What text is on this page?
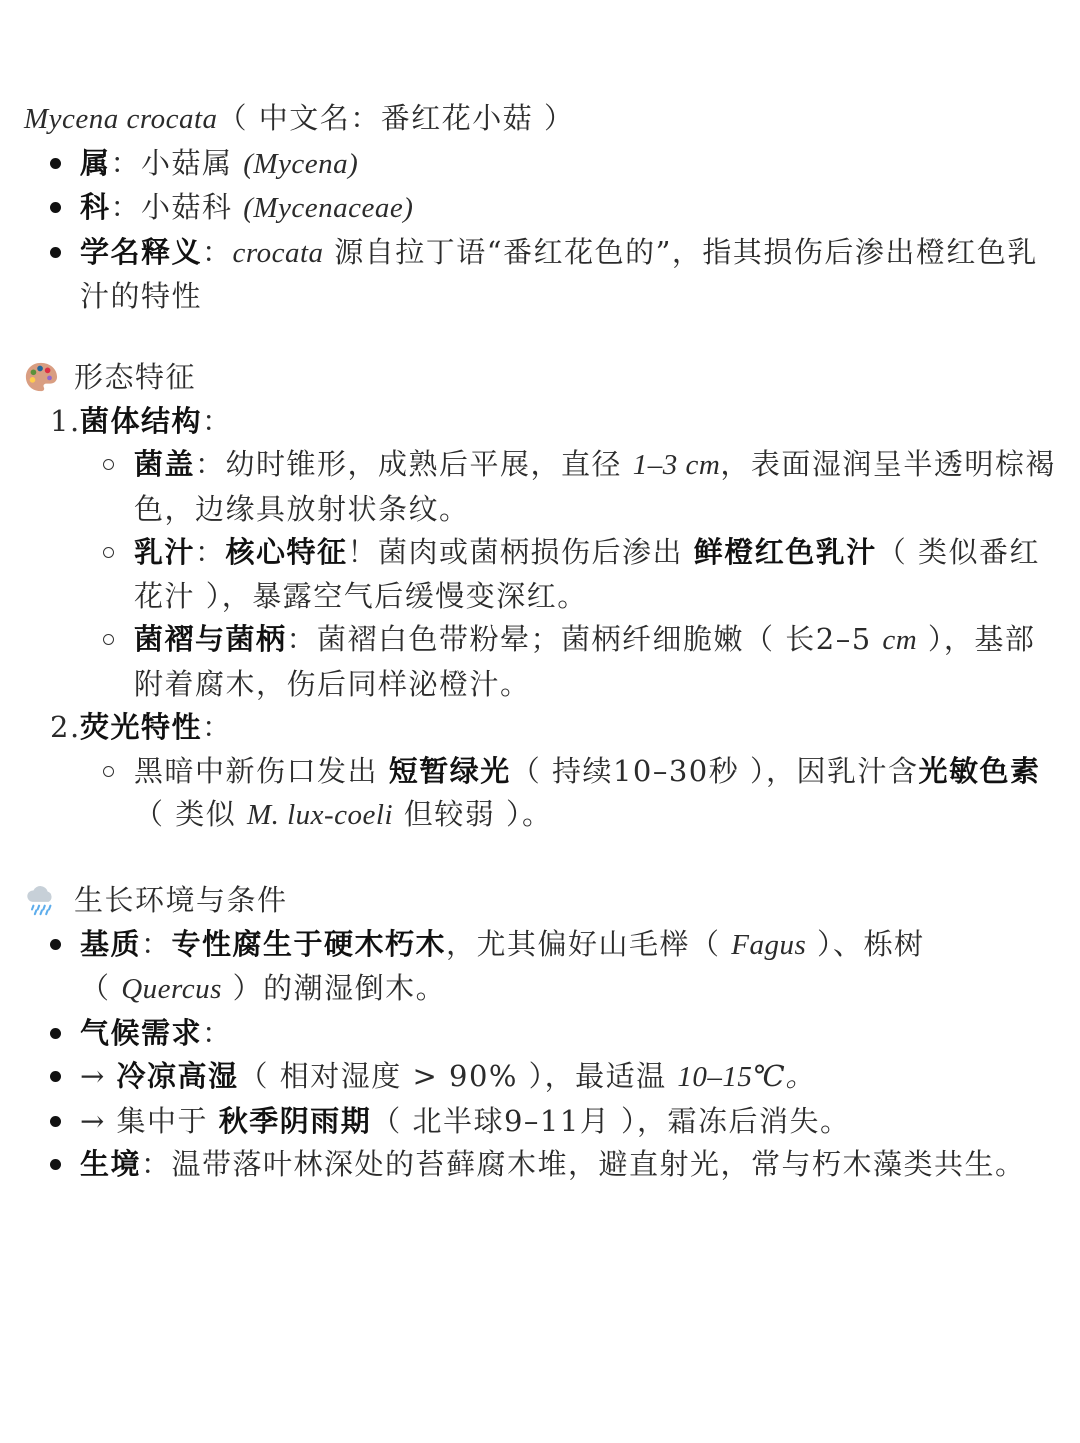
Mycena crocata（ 中文名：番红花小菇 ）
属：小菇属 (Mycena)
科：小菇科 (Mycenaceae)
学名释义：crocata 源自拉丁语“番红花色的”，指其损伤后渗出橙红色乳汁的特性
形态特征
1. 菌体结构：
菌盖：幼时锥形，成熟后平展，直径 1–3 cm，表面湿润呈半透明棕褐色，边缘具放射状条纹。
乳汁：核心特征！菌肉或菌柄损伤后渗出 鲜橙红色乳汁（ 类似番红花汁 ），暴露空气后缓慢变深红。
菌褶与菌柄：菌褶白色带粉晕；菌柄纤细脆嫩（ 长2–5 cm ），基部附着腐木，伤后同样泌橙汁。
2. 荧光特性：
黑暗中新伤口发出 短暂绿光（ 持续10–30秒 ），因乳汁含光敏色素（ 类似 M. lux-coeli 但较弱 ）。
生长环境与条件
基质：专性腐生于硬木朽木，尤其偏好山毛榉（ Fagus ）、栎树
（ Quercus ）的潮湿倒木。
气候需求：
→ 冷凉高湿（ 相对湿度 > 90% ），最适温 10–15℃。
→ 集中于 秋季阴雨期（ 北半球9–11月 ），霜冻后消失。
生境：温带落叶林深处的苔藓腐木堆，避直射光，常与朽木藻类共生。
